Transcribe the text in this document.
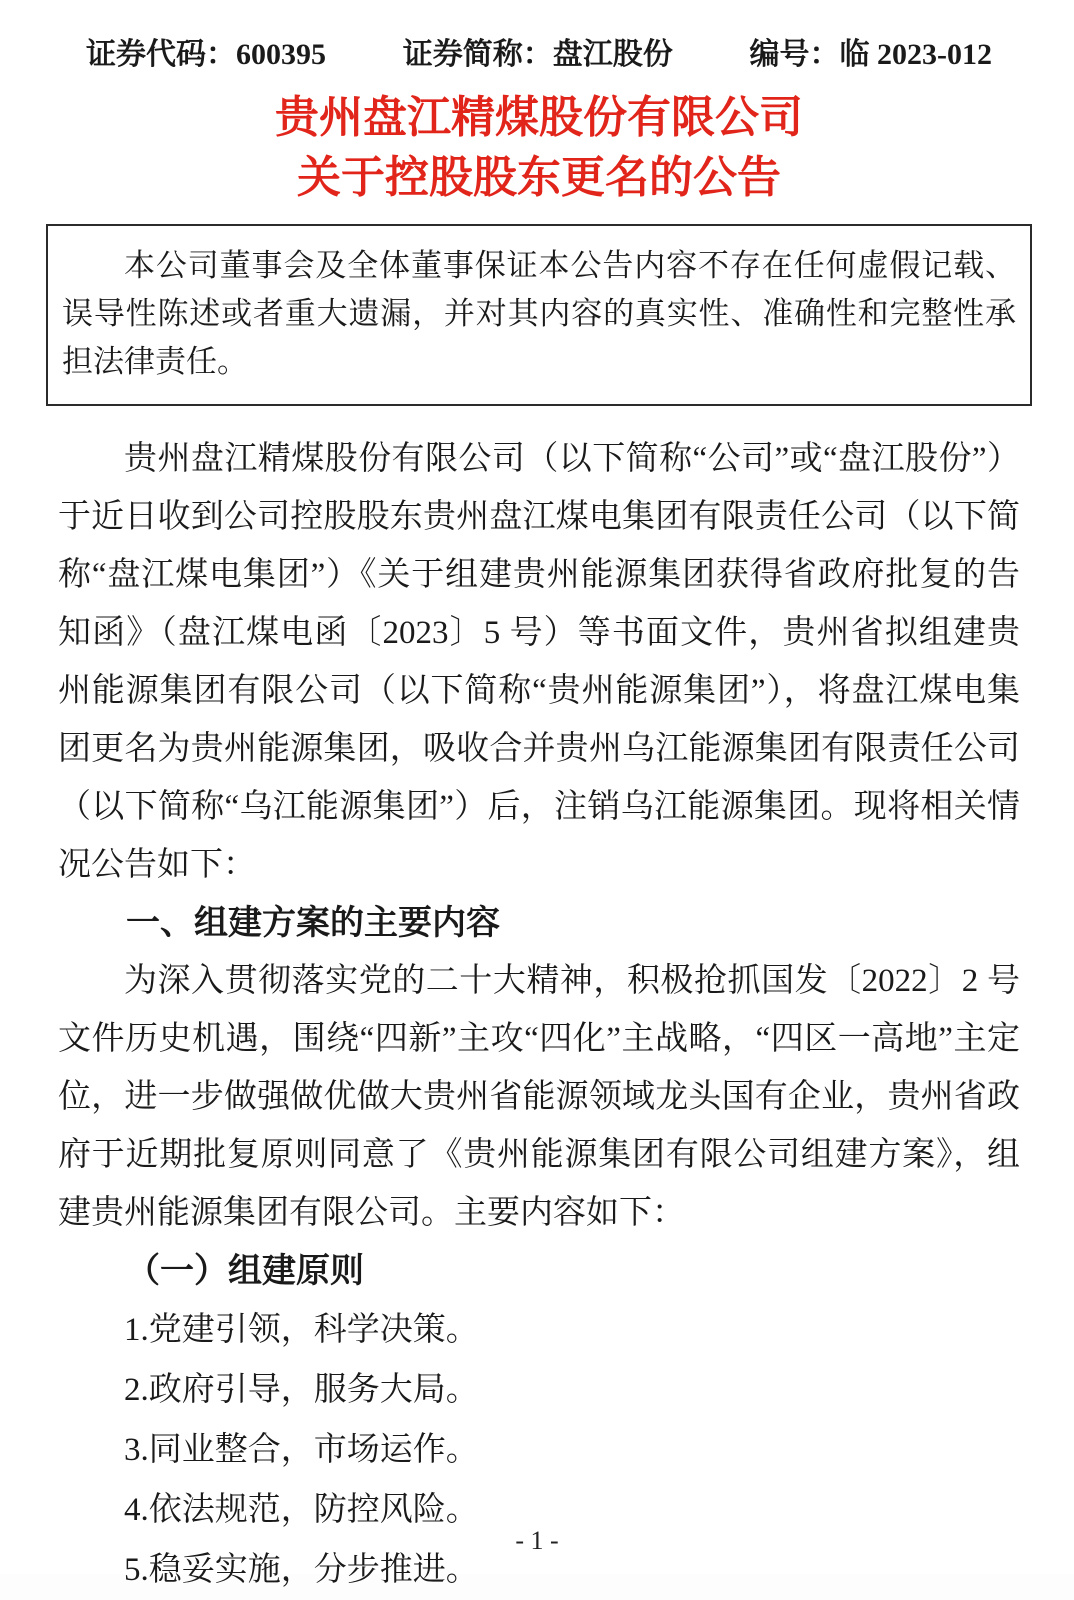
证券代码：600395	证券简称：盘江股份	编号：临 2023-012
贵州盘江精煤股份有限公司
关于控股股东更名的公告
本公司董事会及全体董事保证本公告内容不存在任何虚假记载、误导性陈述或者重大遗漏，并对其内容的真实性、准确性和完整性承担法律责任。

贵州盘江精煤股份有限公司（以下简称“公司”或“盘江股份”）于近日收到公司控股股东贵州盘江煤电集团有限责任公司（以下简称“盘江煤电集团”）《关于组建贵州能源集团获得省政府批复的告知函》（盘江煤电函〔2023〕5 号）等书面文件，贵州省拟组建贵州能源集团有限公司（以下简称“贵州能源集团”），将盘江煤电集团更名为贵州能源集团，吸收合并贵州乌江能源集团有限责任公司（以下简称“乌江能源集团”）后，注销乌江能源集团。现将相关情况公告如下：

一、组建方案的主要内容

为深入贯彻落实党的二十大精神，积极抢抓国发〔2022〕2 号文件历史机遇，围绕“四新”主攻“四化”主战略，“四区一高地”主定位，进一步做强做优做大贵州省能源领域龙头国有企业，贵州省政府于近期批复原则同意了《贵州能源集团有限公司组建方案》，组建贵州能源集团有限公司。主要内容如下：

（一）组建原则

1.党建引领，科学决策。

2.政府引导，服务大局。

3.同业整合，市场运作。

4.依法规范，防控风险。

5.稳妥实施，分步推进。

- 1 -
